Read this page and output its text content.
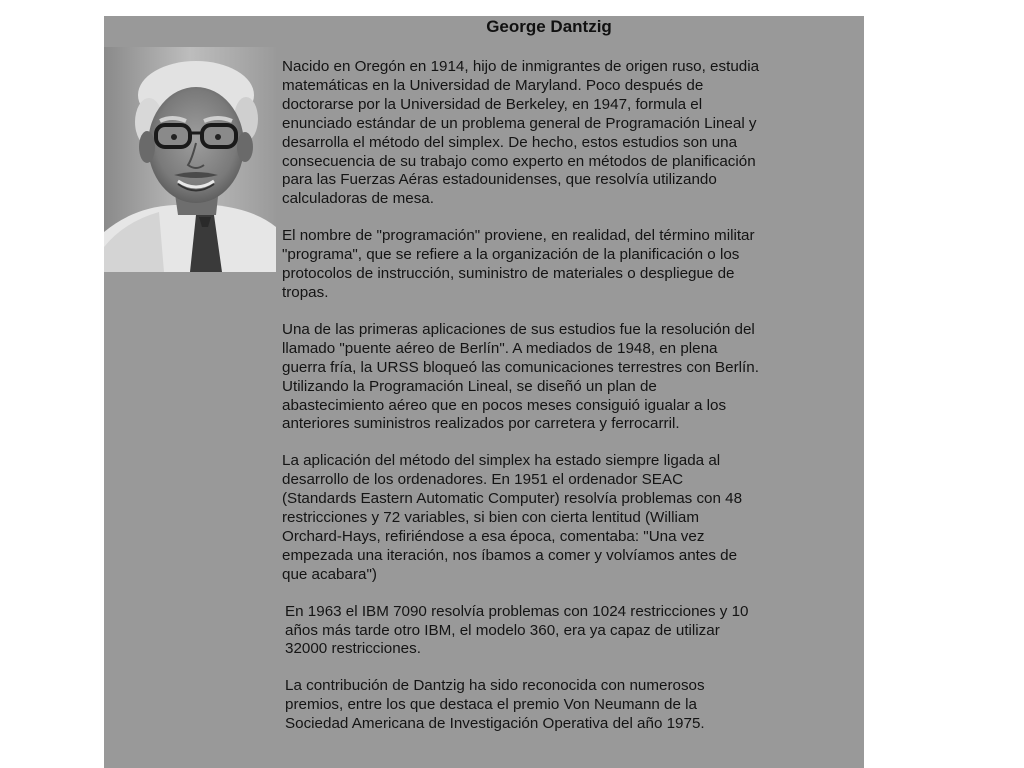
George Dantzig

Nacido en Oregón en 1914, hijo de inmigrantes de origen ruso, estudia
matemáticas en la Universidad de Maryland. Poco después de
doctorarse por la Universidad de Berkeley, en 1947, formula el
enunciado estándar de un problema general de Programación Lineal y
desarrolla el método del simplex. De hecho, estos estudios son una
consecuencia de su trabajo como experto en métodos de planificación
para las Fuerzas Aéras estadounidenses, que resolvía utilizando
calculadoras de mesa.

El nombre de "programación" proviene, en realidad, del término militar
"programa", que se refiere a la organización de la planificación o los
protocolos de instrucción, suministro de materiales o despliegue de
tropas.

Una de las primeras aplicaciones de sus estudios fue la resolución del
llamado "puente aéreo de Berlín". A mediados de 1948, en plena
guerra fría, la URSS bloqueó las comunicaciones terrestres con Berlín.
Utilizando la Programación Lineal, se diseñó un plan de
abastecimiento aéreo que en pocos meses consiguió igualar a los
anteriores suministros realizados por carretera y ferrocarril.

La aplicación del método del simplex ha estado siempre ligada al
desarrollo de los ordenadores. En 1951 el ordenador SEAC
(Standards Eastern Automatic Computer) resolvía problemas con 48
restricciones y 72 variables, si bien con cierta lentitud (William
Orchard-Hays, refiriéndose a esa época, comentaba: "Una vez
empezada una iteración, nos íbamos a comer y volvíamos antes de
que acabara")

En 1963 el IBM 7090 resolvía problemas con 1024 restricciones y 10
años más tarde otro IBM, el modelo 360, era ya capaz de utilizar
32000 restricciones.

La contribución de Dantzig ha sido reconocida con numerosos
premios, entre los que destaca el premio Von Neumann de la
Sociedad Americana de Investigación Operativa del año 1975.
